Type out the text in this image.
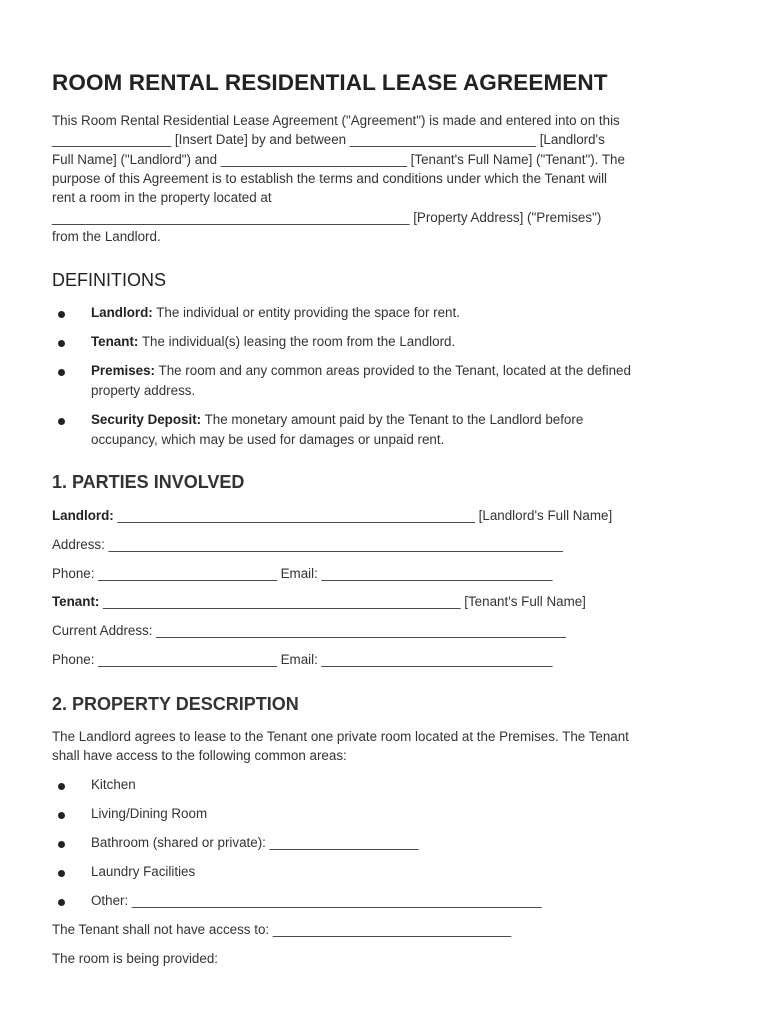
ROOM RENTAL RESIDENTIAL LEASE AGREEMENT
This Room Rental Residential Lease Agreement ("Agreement") is made and entered into on this
________________ [Insert Date] by and between _________________________ [Landlord's
Full Name] ("Landlord") and _________________________ [Tenant's Full Name] ("Tenant"). The
purpose of this Agreement is to establish the terms and conditions under which the Tenant will
rent a room in the property located at
________________________________________________ [Property Address] ("Premises")
from the Landlord.
DEFINITIONS
Landlord: The individual or entity providing the space for rent.
Tenant: The individual(s) leasing the room from the Landlord.
Premises: The room and any common areas provided to the Tenant, located at the defined
property address.
Security Deposit: The monetary amount paid by the Tenant to the Landlord before
occupancy, which may be used for damages or unpaid rent.
1. PARTIES INVOLVED
Landlord: ________________________________________________ [Landlord's Full Name]
Address: _____________________________________________________________
Phone: ________________________ Email: _______________________________
Tenant: ________________________________________________ [Tenant's Full Name]
Current Address: _______________________________________________________
Phone: ________________________ Email: _______________________________
2. PROPERTY DESCRIPTION
The Landlord agrees to lease to the Tenant one private room located at the Premises. The Tenant
shall have access to the following common areas:
Kitchen
Living/Dining Room
Bathroom (shared or private): ____________________
Laundry Facilities
Other: _______________________________________________________
The Tenant shall not have access to: ________________________________
The room is being provided:
